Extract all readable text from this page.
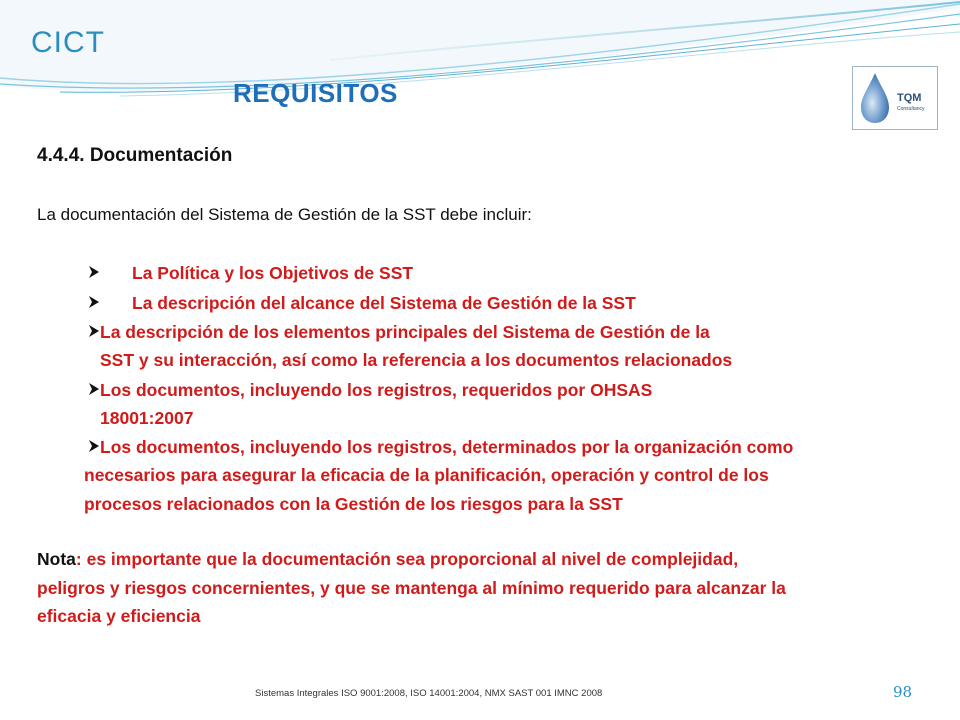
CICT
REQUISITOS	TQM
Consultancy
4.4.4. Documentación
La documentación del Sistema de Gestión de la SST debe incluir:
La Política y los Objetivos de SST
La descripción del alcance del Sistema de Gestión de la SST
La descripción de los elementos principales del Sistema de Gestión de la
SST y su interacción, así como la referencia a los documentos relacionados
Los documentos, incluyendo los registros, requeridos por OHSAS
18001:2007
Los documentos, incluyendo los registros, determinados por la organización como
necesarios para asegurar la eficacia de la planificación, operación y control de los
procesos relacionados con la Gestión de los riesgos para la SST
Nota: es importante que la documentación sea proporcional al nivel de complejidad,
peligros y riesgos concernientes, y que se mantenga al mínimo requerido para alcanzar la
eficacia y eficiencia
Sistemas Integrales ISO 9001:2008, ISO 14001:2004, NMX SAST 001 IMNC 2008	98
